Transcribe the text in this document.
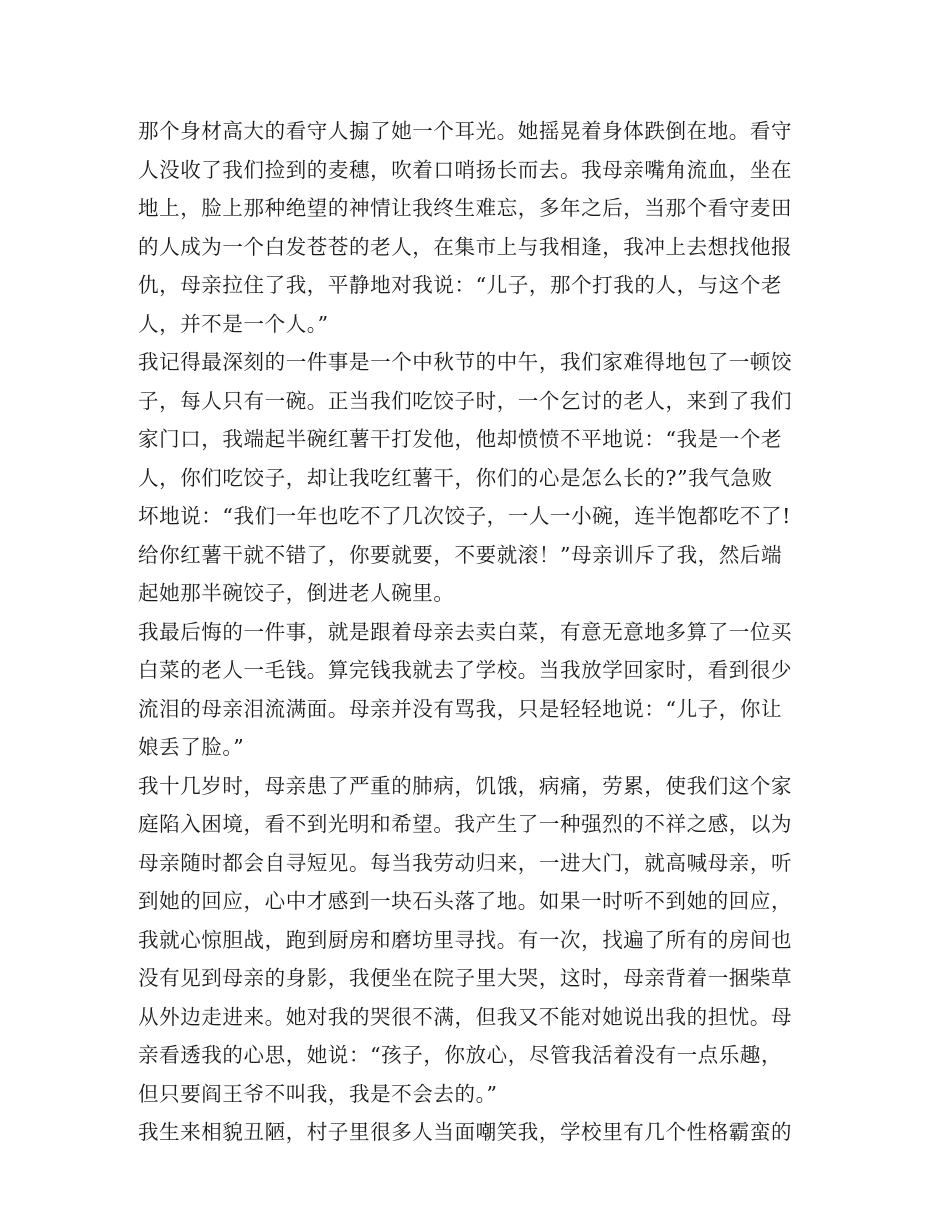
那个身材高大的看守人搧了她一个耳光。她摇晃着身体跌倒在地。看守
人没收了我们捡到的麦穗，吹着口哨扬长而去。我母亲嘴角流血，坐在
地上，脸上那种绝望的神情让我终生难忘，多年之后，当那个看守麦田
的人成为一个白发苍苍的老人，在集市上与我相逢，我冲上去想找他报
仇，母亲拉住了我，平静地对我说：“儿子，那个打我的人，与这个老
人，并不是一个人。”
我记得最深刻的一件事是一个中秋节的中午，我们家难得地包了一顿饺
子，每人只有一碗。正当我们吃饺子时，一个乞讨的老人，来到了我们
家门口，我端起半碗红薯干打发他，他却愤愤不平地说：“我是一个老
人，你们吃饺子，却让我吃红薯干，你们的心是怎么长的?”我气急败
坏地说：“我们一年也吃不了几次饺子，一人一小碗，连半饱都吃不了!
给你红薯干就不错了，你要就要，不要就滚！”母亲训斥了我，然后端
起她那半碗饺子，倒进老人碗里。
我最后悔的一件事，就是跟着母亲去卖白菜，有意无意地多算了一位买
白菜的老人一毛钱。算完钱我就去了学校。当我放学回家时，看到很少
流泪的母亲泪流满面。母亲并没有骂我，只是轻轻地说：“儿子，你让
娘丢了脸。”
我十几岁时，母亲患了严重的肺病，饥饿，病痛，劳累，使我们这个家
庭陷入困境，看不到光明和希望。我产生了一种强烈的不祥之感，以为
母亲随时都会自寻短见。每当我劳动归来，一进大门，就高喊母亲，听
到她的回应，心中才感到一块石头落了地。如果一时听不到她的回应，
我就心惊胆战，跑到厨房和磨坊里寻找。有一次，找遍了所有的房间也
没有见到母亲的身影，我便坐在院子里大哭，这时，母亲背着一捆柴草
从外边走进来。她对我的哭很不满，但我又不能对她说出我的担忧。母
亲看透我的心思，她说：“孩子，你放心，尽管我活着没有一点乐趣，
但只要阎王爷不叫我，我是不会去的。”
我生来相貌丑陋，村子里很多人当面嘲笑我，学校里有几个性格霸蛮的
